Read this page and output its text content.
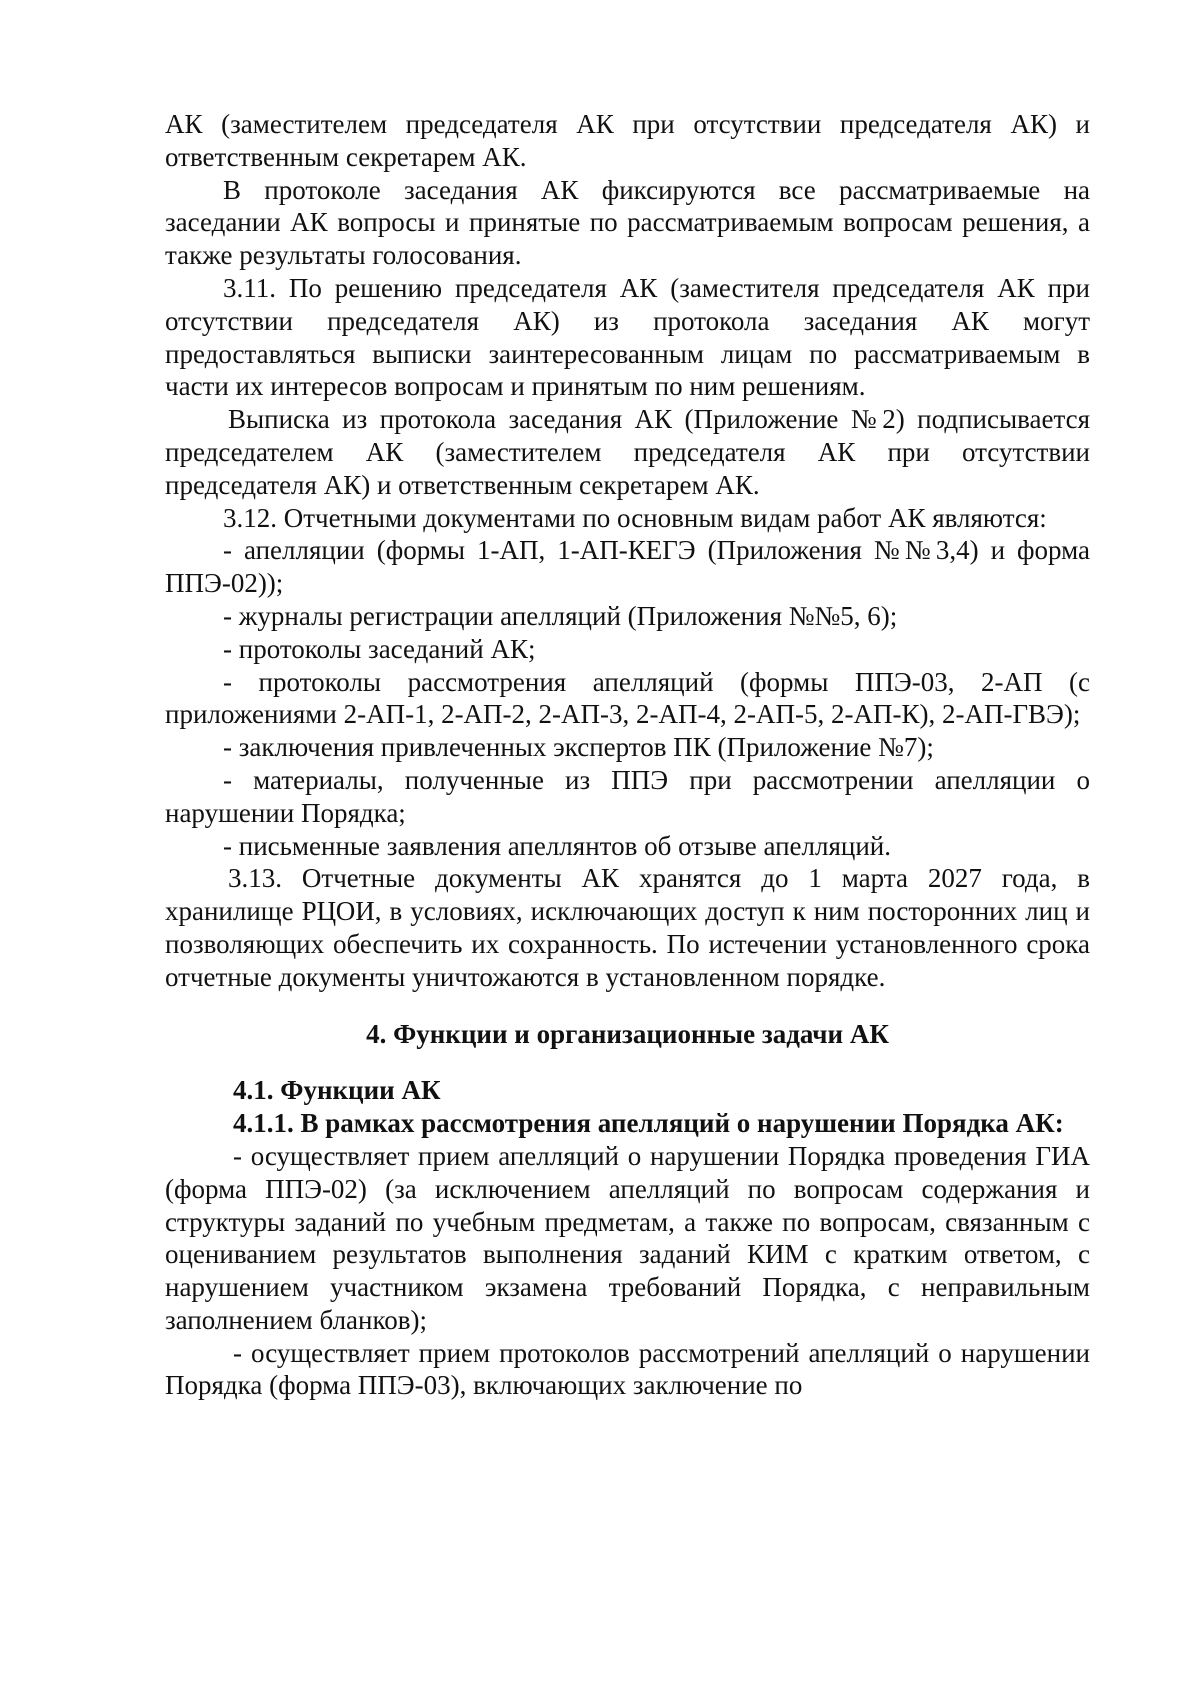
АК (заместителем председателя АК при отсутствии председателя АК) и ответственным секретарем АК.

В протоколе заседания АК фиксируются все рассматриваемые на заседании АК вопросы и принятые по рассматриваемым вопросам решения, а также результаты голосования.

3.11. По решению председателя АК (заместителя председателя АК при отсутствии председателя АК) из протокола заседания АК могут предоставляться выписки заинтересованным лицам по рассматриваемым в части их интересов вопросам и принятым по ним решениям.

Выписка из протокола заседания АК (Приложение №2) подписывается председателем АК (заместителем председателя АК при отсутствии председателя АК) и ответственным секретарем АК.

3.12. Отчетными документами по основным видам работ АК являются:

- апелляции (формы 1-АП, 1-АП-КЕГЭ (Приложения №№3,4) и форма ППЭ-02));

- журналы регистрации апелляций (Приложения №№5, 6);

- протоколы заседаний АК;

- протоколы рассмотрения апелляций (формы ППЭ-03, 2-АП (с приложениями 2-АП-1, 2-АП-2, 2-АП-3, 2-АП-4, 2-АП-5, 2-АП-К), 2-АП-ГВЭ);

- заключения привлеченных экспертов ПК (Приложение №7);

- материалы, полученные из ППЭ при рассмотрении апелляции о нарушении Порядка;

- письменные заявления апеллянтов об отзыве апелляций.

3.13. Отчетные документы АК хранятся до 1 марта 2027 года, в хранилище РЦОИ, в условиях, исключающих доступ к ним посторонних лиц и позволяющих обеспечить их сохранность. По истечении установленного срока отчетные документы уничтожаются в установленном порядке.

4. Функции и организационные задачи АК

4.1. Функции АК

4.1.1. В рамках рассмотрения апелляций о нарушении Порядка АК:

- осуществляет прием апелляций о нарушении Порядка проведения ГИА (форма ППЭ-02) (за исключением апелляций по вопросам содержания и структуры заданий по учебным предметам, а также по вопросам, связанным с оцениванием результатов выполнения заданий КИМ с кратким ответом, с нарушением участником экзамена требований Порядка, с неправильным заполнением бланков);

- осуществляет прием протоколов рассмотрений апелляций о нарушении Порядка (форма ППЭ-03), включающих заключение по
